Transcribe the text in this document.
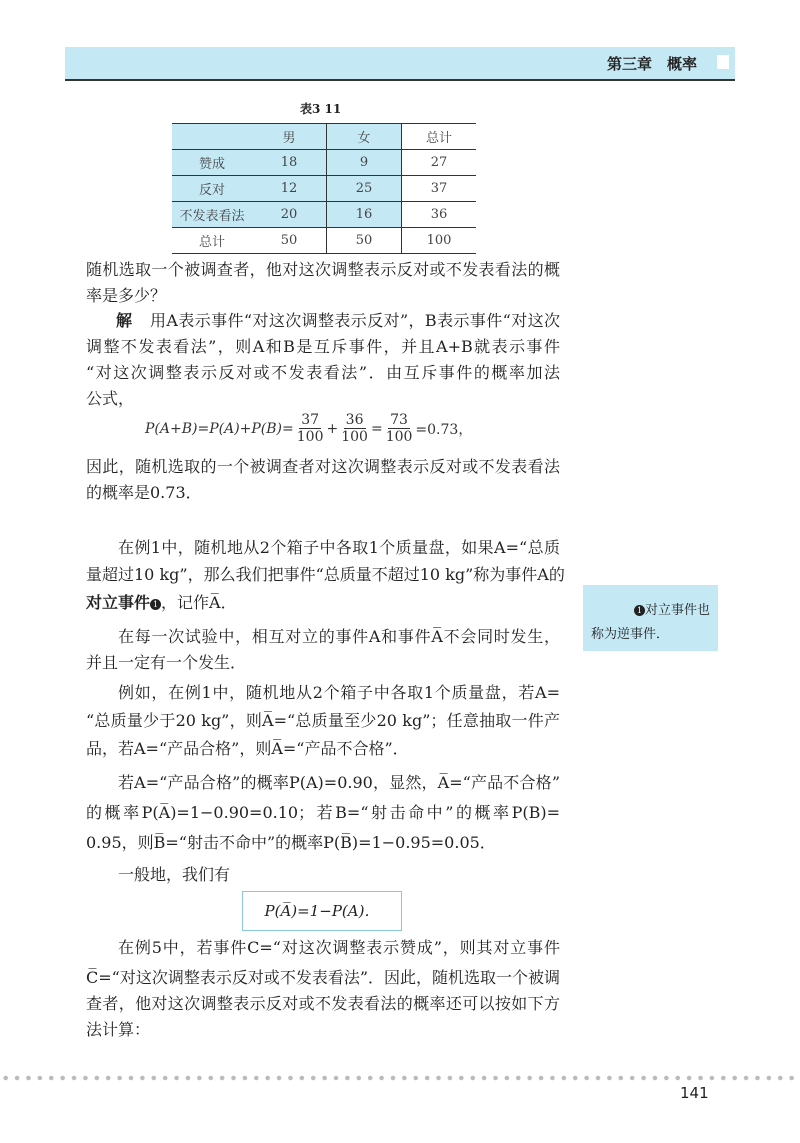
第三章　概率
表3 11
	男	女	总计
赞成	18	9	27
反对	12	25	37
不发表看法	20	16	36
总计	50	50	100
随机选取一个被调查者，他对这次调整表示反对或不发表看法的概
率是多少？
解	用A表示事件“对这次调整表示反对”，B表示事件“对这次
调整不发表看法”，则A和B是互斥事件，并且A+B就表示事件
“对这次调整表示反对或不发表看法”．由互斥事件的概率加法
公式，
$P(A+B)=P(A)+P(B)= \frac{37}{100} + \frac{36}{100} = \frac{73}{100} =0.73$，
因此，随机选取的一个被调查者对这次调整表示反对或不发表看法
的概率是0.73．
在例1中，随机地从2个箱子中各取1个质量盘，如果A=“总质
量超过10 kg”，那么我们把事件“总质量不超过10 kg”称为事件A的
对立事件 1 ，记作A̅．
在每一次试验中，相互对立的事件A和事件A̅不会同时发生，
并且一定有一个发生．
例如，在例1中，随机地从2个箱子中各取1个质量盘，若A=
“总质量少于20 kg”，则A̅=“总质量至少20 kg”；任意抽取一件产
品，若A=“产品合格”，则A̅=“产品不合格”．
若A=“产品合格”的概率P(A)=0.90，显然，A̅=“产品不合格”
的概率P(A̅)=1−0.90=0.10；若B=“射击命中”的概率P(B)=
0.95，则B̅=“射击不命中”的概率P(B̅)=1−0.95=0.05．
一般地，我们有
P(A̅)=1−P(A)．
在例5中，若事件C=“对这次调整表示赞成”，则其对立事件
C̅=“对这次调整表示反对或不发表看法”．因此，随机选取一个被调
查者，他对这次调整表示反对或不发表看法的概率还可以按如下方
法计算：
1 对立事件也
称为逆事件．
141
